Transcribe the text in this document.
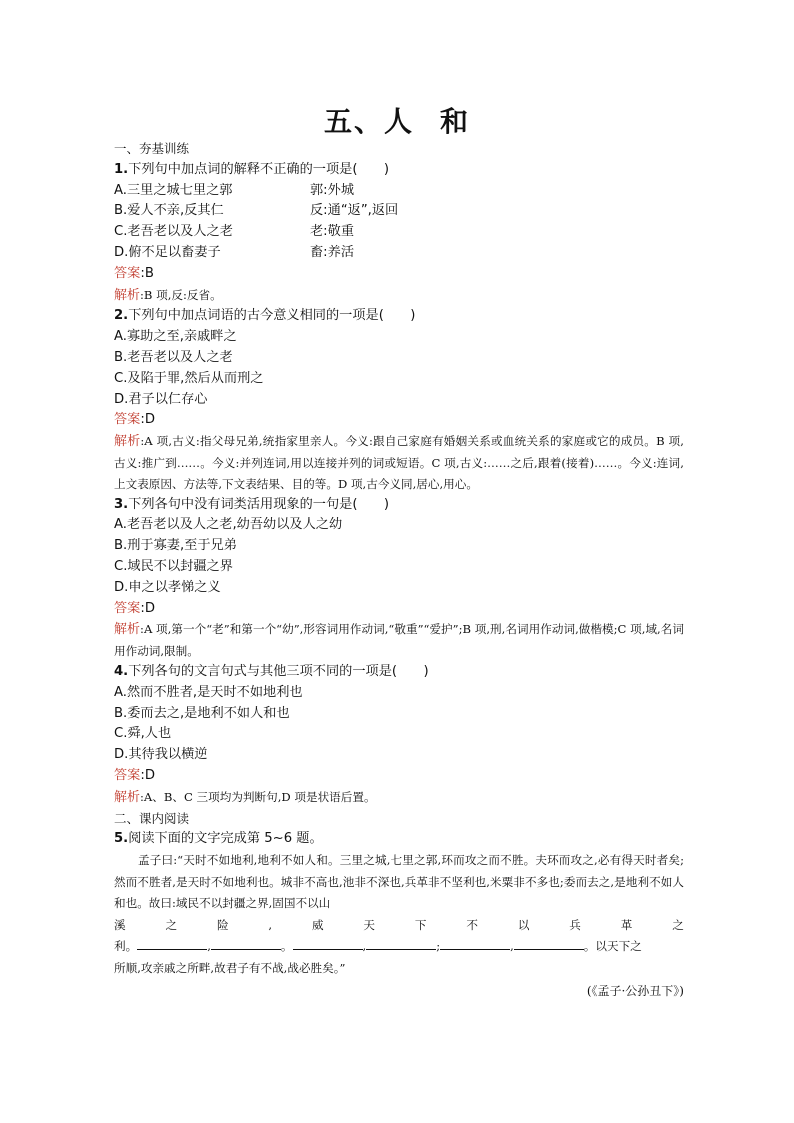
五、人 和
一、夯基训练
1.下列句中加点词的解释不正确的一项是(　　)
A.三里之城七里之郭	郭:外城
B.爱人不亲,反其仁	反:通“返”,返回
C.老吾老以及人之老	老:敬重
D.俯不足以畜妻子	畜:养活
答案:B
解析:B 项,反:反省。
2.下列句中加点词语的古今意义相同的一项是(　　)
A.寡助之至,亲戚畔之
B.老吾老以及人之老
C.及陷于罪,然后从而刑之
D.君子以仁存心
答案:D
解析:A 项,古义:指父母兄弟,统指家里亲人。今义:跟自己家庭有婚姻关系或血统关系的家庭或它的成员。B 项,古义:推广到……。今义:并列连词,用以连接并列的词或短语。C 项,古义:……之后,跟着(接着)……。今义:连词,上文表原因、方法等,下文表结果、目的等。D 项,古今义同,居心,用心。
3.下列各句中没有词类活用现象的一句是(　　)
A.老吾老以及人之老,幼吾幼以及人之幼
B.刑于寡妻,至于兄弟
C.域民不以封疆之界
D.申之以孝悌之义
答案:D
解析:A 项,第一个“老”和第一个“幼”,形容词用作动词,“敬重”“爱护”;B 项,刑,名词用作动词,做楷模;C 项,域,名词用作动词,限制。
4.下列各句的文言句式与其他三项不同的一项是(　　)
A.然而不胜者,是天时不如地利也
B.委而去之,是地利不如人和也
C.舜,人也
D.其待我以横逆
答案:D
解析:A、B、C 三项均为判断句,D 项是状语后置。
二、课内阅读
5.阅读下面的文字完成第 5~6 题。
孟子曰:“天时不如地利,地利不如人和。三里之城,七里之郭,环而攻之而不胜。夫环而攻之,必有得天时者矣;然而不胜者,是天时不如地利也。城非不高也,池非不深也,兵革非不坚利也,米粟非不多也;委而去之,是地利不如人和也。故曰:域民不以封疆之界,固国不以山
溪	之	险	,	威	天	下	不	以	兵	革	之
利。	,	。	,	;	,	。以天下之
所顺,攻亲戚之所畔,故君子有不战,战必胜矣。”
(《孟子·公孙丑下》)
